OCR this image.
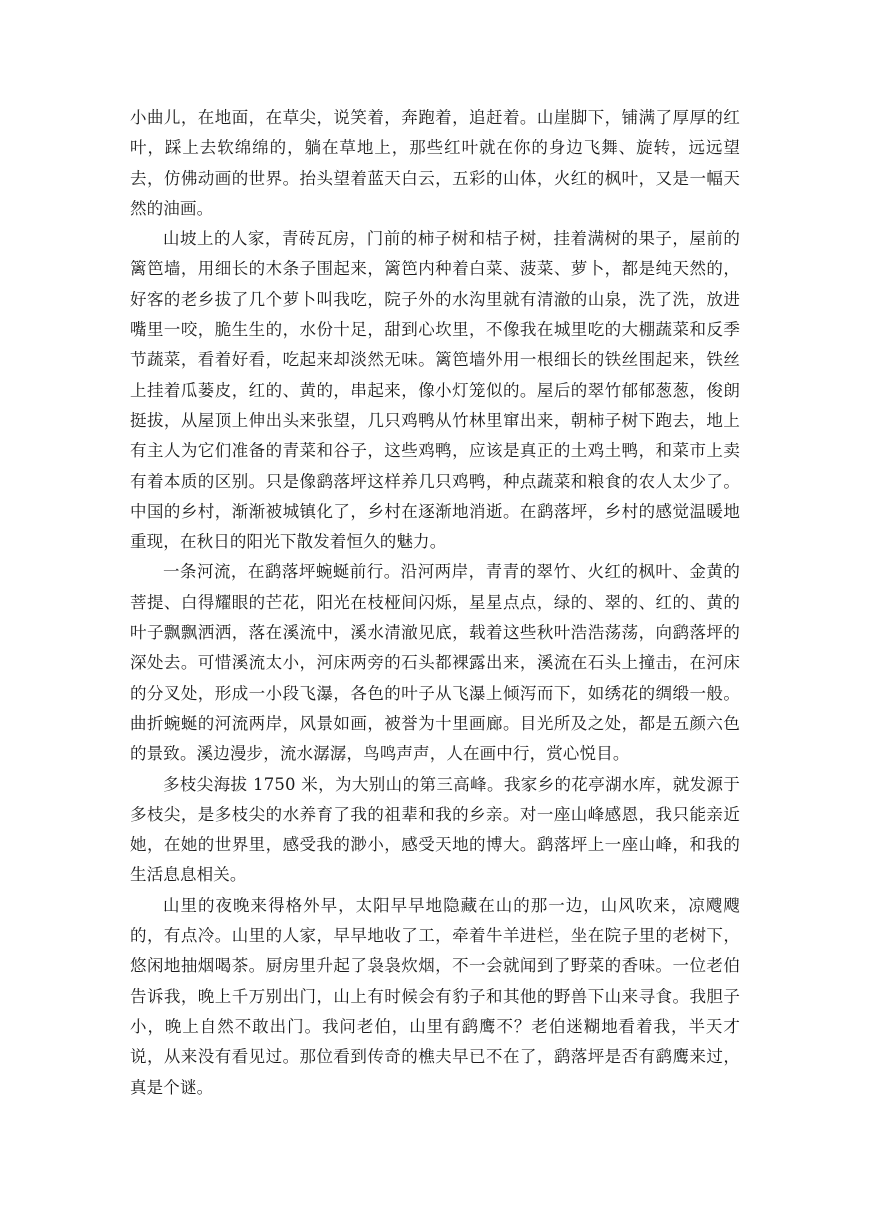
小曲儿，在地面，在草尖，说笑着，奔跑着，追赶着。山崖脚下，铺满了厚厚的红叶，踩上去软绵绵的，躺在草地上，那些红叶就在你的身边飞舞、旋转，远远望去，仿佛动画的世界。抬头望着蓝天白云，五彩的山体，火红的枫叶，又是一幅天然的油画。

山坡上的人家，青砖瓦房，门前的柿子树和桔子树，挂着满树的果子，屋前的篱笆墙，用细长的木条子围起来，篱笆内种着白菜、菠菜、萝卜，都是纯天然的，好客的老乡拔了几个萝卜叫我吃，院子外的水沟里就有清澈的山泉，洗了洗，放进嘴里一咬，脆生生的，水份十足，甜到心坎里，不像我在城里吃的大棚蔬菜和反季节蔬菜，看着好看，吃起来却淡然无味。篱笆墙外用一根细长的铁丝围起来，铁丝上挂着瓜蒌皮，红的、黄的，串起来，像小灯笼似的。屋后的翠竹郁郁葱葱，俊朗挺拔，从屋顶上伸出头来张望，几只鸡鸭从竹林里窜出来，朝柿子树下跑去，地上有主人为它们准备的青菜和谷子，这些鸡鸭，应该是真正的土鸡土鸭，和菜市上卖有着本质的区别。只是像鹞落坪这样养几只鸡鸭，种点蔬菜和粮食的农人太少了。中国的乡村，渐渐被城镇化了，乡村在逐渐地消逝。在鹞落坪，乡村的感觉温暖地重现，在秋日的阳光下散发着恒久的魅力。

一条河流，在鹞落坪蜿蜒前行。沿河两岸，青青的翠竹、火红的枫叶、金黄的菩提、白得耀眼的芒花，阳光在枝桠间闪烁，星星点点，绿的、翠的、红的、黄的叶子飘飘洒洒，落在溪流中，溪水清澈见底，载着这些秋叶浩浩荡荡，向鹞落坪的深处去。可惜溪流太小，河床两旁的石头都裸露出来，溪流在石头上撞击，在河床的分叉处，形成一小段飞瀑，各色的叶子从飞瀑上倾泻而下，如绣花的绸缎一般。曲折蜿蜒的河流两岸，风景如画，被誉为十里画廊。目光所及之处，都是五颜六色的景致。溪边漫步，流水潺潺，鸟鸣声声，人在画中行，赏心悦目。

多枝尖海拔 1750 米，为大别山的第三高峰。我家乡的花亭湖水库，就发源于多枝尖，是多枝尖的水养育了我的祖辈和我的乡亲。对一座山峰感恩，我只能亲近她，在她的世界里，感受我的渺小，感受天地的博大。鹞落坪上一座山峰，和我的生活息息相关。

山里的夜晚来得格外早，太阳早早地隐藏在山的那一边，山风吹来，凉飕飕的，有点冷。山里的人家，早早地收了工，牵着牛羊进栏，坐在院子里的老树下，悠闲地抽烟喝茶。厨房里升起了袅袅炊烟，不一会就闻到了野菜的香味。一位老伯告诉我，晚上千万别出门，山上有时候会有豹子和其他的野兽下山来寻食。我胆子小，晚上自然不敢出门。我问老伯，山里有鹞鹰不？老伯迷糊地看着我，半天才说，从来没有看见过。那位看到传奇的樵夫早已不在了，鹞落坪是否有鹞鹰来过，真是个谜。
